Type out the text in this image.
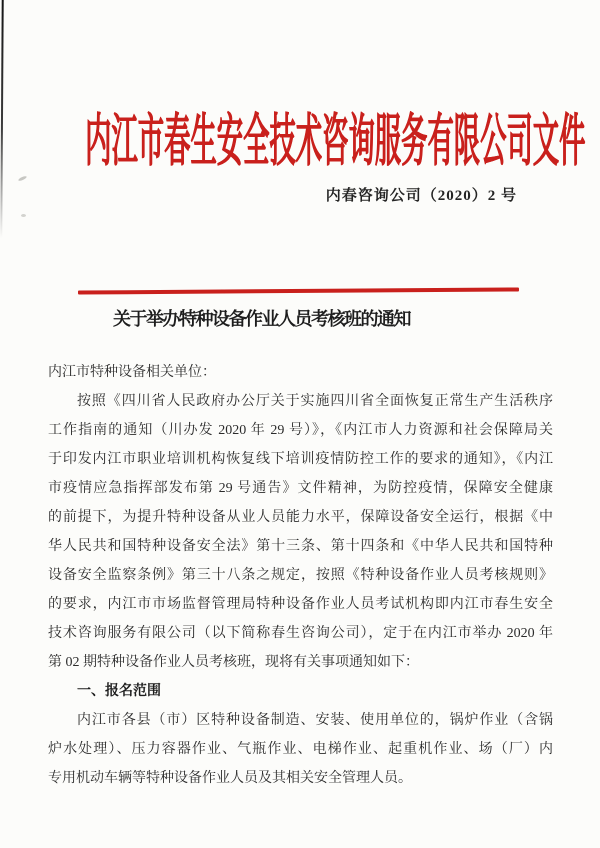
内江市春生安全技术咨询服务有限公司文件
内春咨询公司（2020）2 号
关于举办特种设备作业人员考核班的通知
内江市特种设备相关单位：
按照《四川省人民政府办公厅关于实施四川省全面恢复正常生产生活秩序
工作指南的通知（川办发 2020 年 29 号）》，《内江市人力资源和社会保障局关
于印发内江市职业培训机构恢复线下培训疫情防控工作的要求的通知》，《内江
市疫情应急指挥部发布第 29 号通告》文件精神，为防控疫情，保障安全健康
的前提下，为提升特种设备从业人员能力水平，保障设备安全运行，根据《中
华人民共和国特种设备安全法》第十三条、第十四条和《中华人民共和国特种
设备安全监察条例》第三十八条之规定，按照《特种设备作业人员考核规则》
的要求，内江市市场监督管理局特种设备作业人员考试机构即内江市春生安全
技术咨询服务有限公司（以下简称春生咨询公司），定于在内江市举办 2020 年
第 02 期特种设备作业人员考核班，现将有关事项通知如下：
一、报名范围
内江市各县（市）区特种设备制造、安装、使用单位的，锅炉作业（含锅
炉水处理）、压力容器作业、气瓶作业、电梯作业、起重机作业、场（厂）内
专用机动车辆等特种设备作业人员及其相关安全管理人员。
